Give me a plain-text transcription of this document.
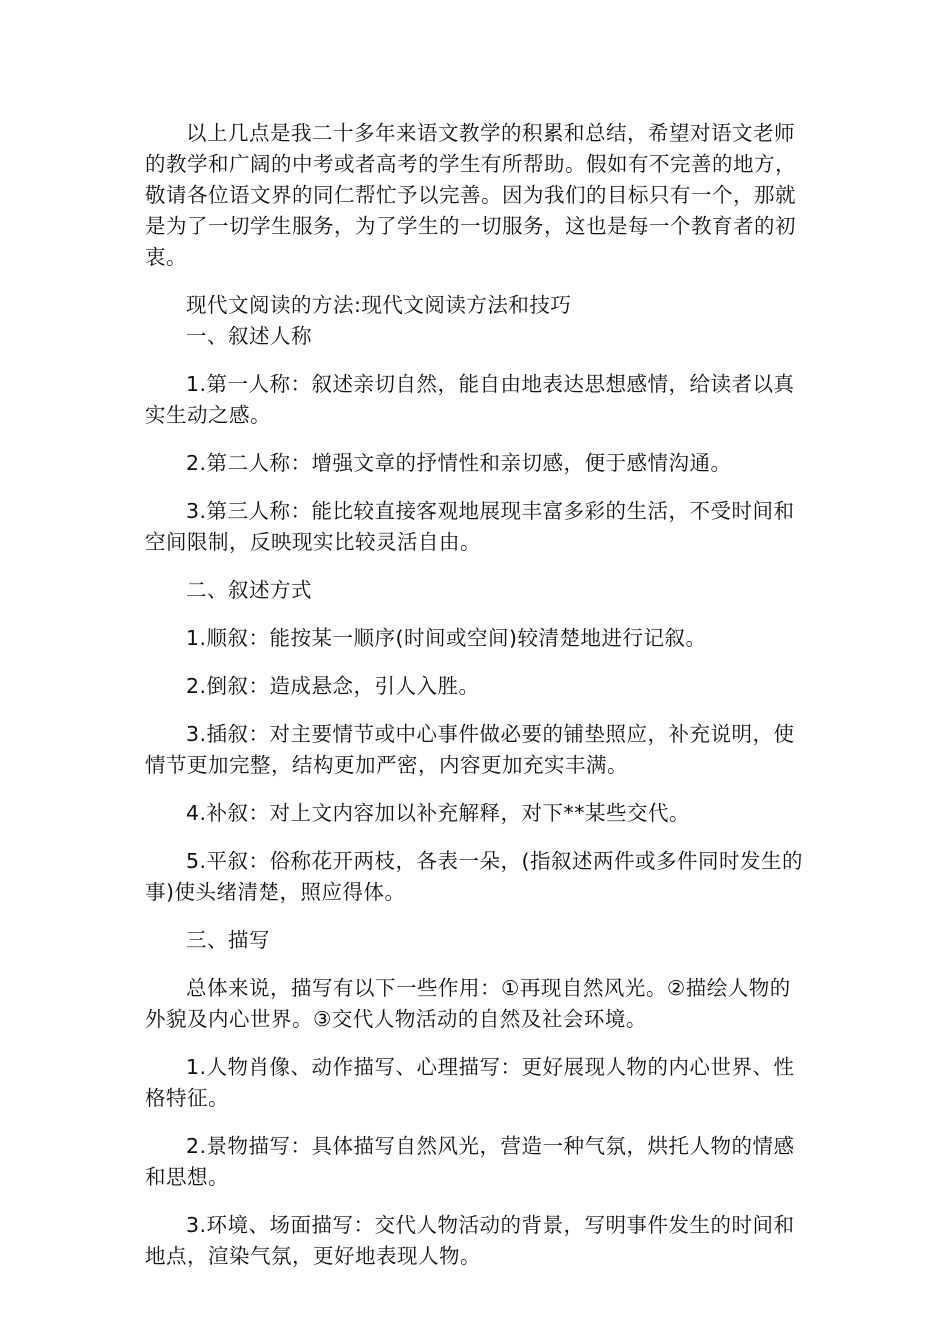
以上几点是我二十多年来语文教学的积累和总结，希望对语文老师的教学和广阔的中考或者高考的学生有所帮助。假如有不完善的地方，敬请各位语文界的同仁帮忙予以完善。因为我们的目标只有一个，那就是为了一切学生服务，为了学生的一切服务，这也是每一个教育者的初衷。

现代文阅读的方法:现代文阅读方法和技巧

一、叙述人称

1.第一人称：叙述亲切自然，能自由地表达思想感情，给读者以真实生动之感。

2.第二人称：增强文章的抒情性和亲切感，便于感情沟通。

3.第三人称：能比较直接客观地展现丰富多彩的生活，不受时间和空间限制，反映现实比较灵活自由。

二、叙述方式

1.顺叙：能按某一顺序(时间或空间)较清楚地进行记叙。

2.倒叙：造成悬念，引人入胜。

3.插叙：对主要情节或中心事件做必要的铺垫照应，补充说明，使情节更加完整，结构更加严密，内容更加充实丰满。

4.补叙：对上文内容加以补充解释，对下**某些交代。

5.平叙：俗称花开两枝，各表一朵，(指叙述两件或多件同时发生的事)使头绪清楚，照应得体。

三、描写

总体来说，描写有以下一些作用：①再现自然风光。②描绘人物的外貌及内心世界。③交代人物活动的自然及社会环境。

1.人物肖像、动作描写、心理描写：更好展现人物的内心世界、性格特征。

2.景物描写：具体描写自然风光，营造一种气氛，烘托人物的情感和思想。

3.环境、场面描写：交代人物活动的背景，写明事件发生的时间和地点，渲染气氛，更好地表现人物。
